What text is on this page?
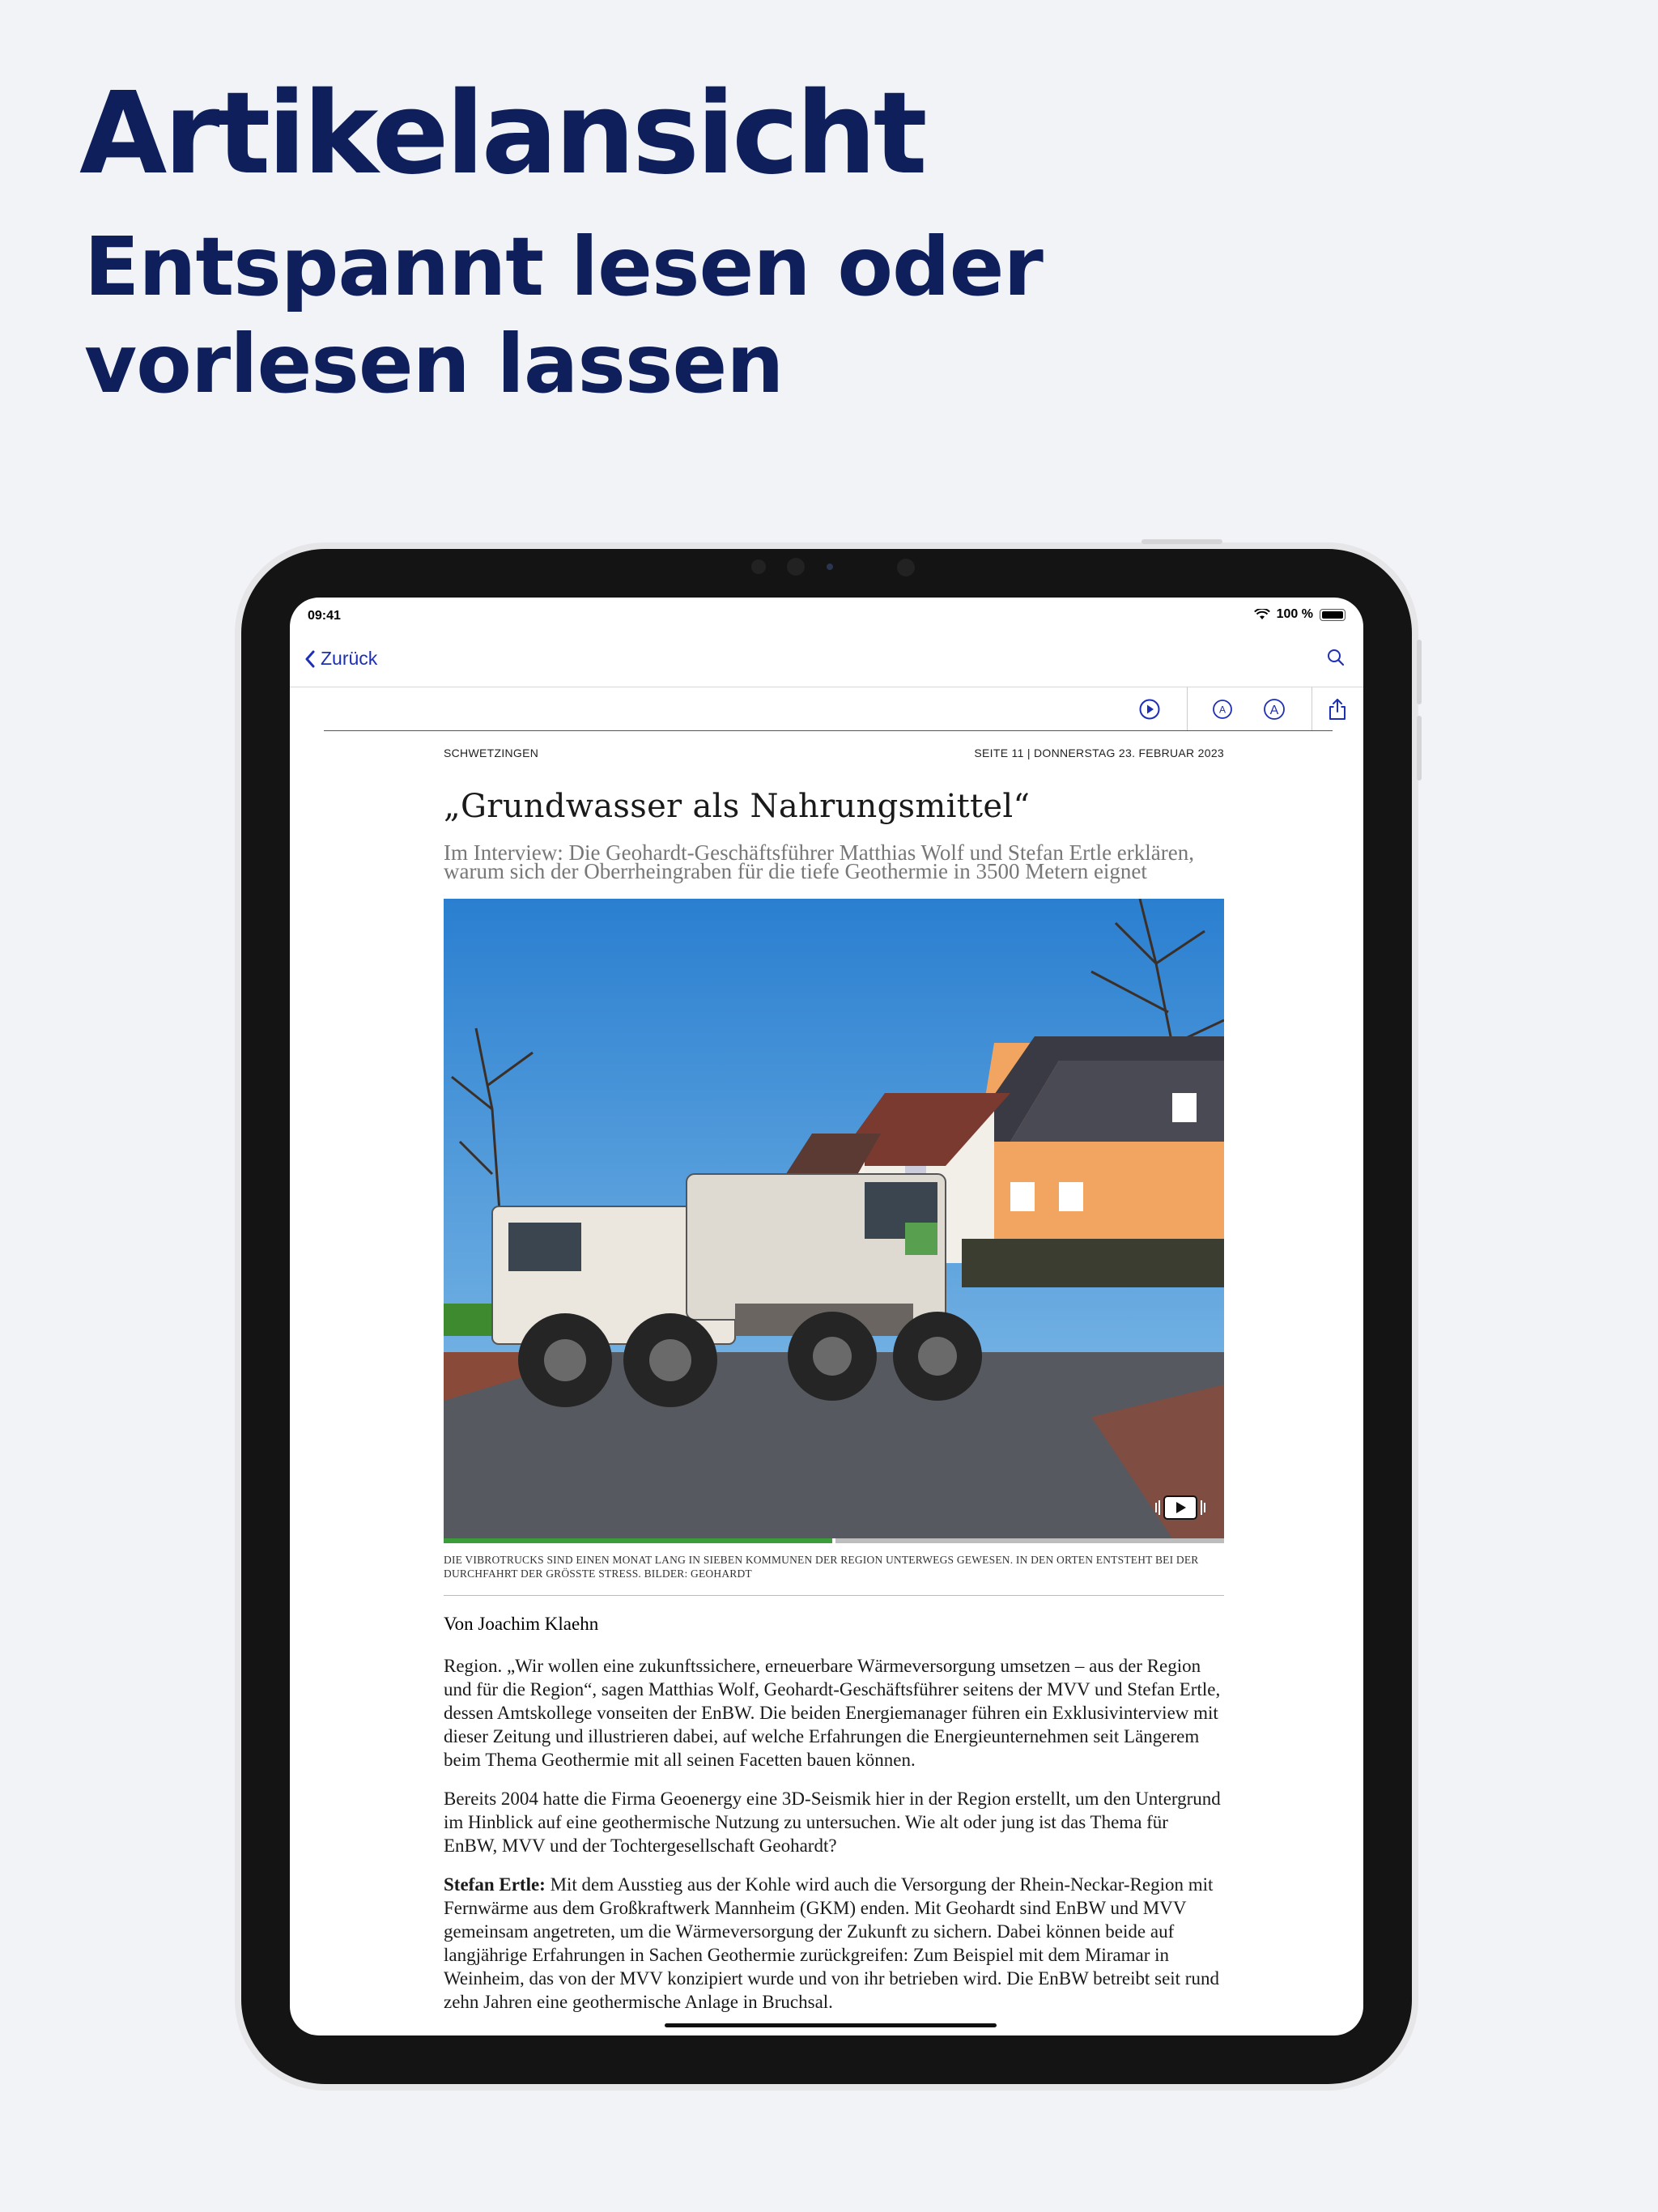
Artikelansicht
Entspannt lesen oder vorlesen lassen
09:41	100 %
Zurück
A	A
SCHWETZINGEN	SEITE 11 | DONNERSTAG 23. FEBRUAR 2023
„Grundwasser als Nahrungsmittel“
Im Interview: Die Geohardt-Geschäftsführer Matthias Wolf und Stefan Ertle erklären, warum sich der Oberrheingraben für die tiefe Geothermie in 3500 Metern eignet
DIE VIBROTRUCKS SIND EINEN MONAT LANG IN SIEBEN KOMMUNEN DER REGION UNTERWEGS GEWESEN. IN DEN ORTEN ENTSTEHT BEI DER DURCHFAHRT DER GRÖSSTE STRESS. BILDER: GEOHARDT
Von Joachim Klaehn

Region. „Wir wollen eine zukunftssichere, erneuerbare Wärmeversorgung umsetzen – aus der Region und für die Region“, sagen Matthias Wolf, Geohardt-Geschäftsführer seitens der MVV und Stefan Ertle, dessen Amtskollege vonseiten der EnBW. Die beiden Energiemanager führen ein Exklusivinterview mit dieser Zeitung und illustrieren dabei, auf welche Erfahrungen die Energieunternehmen seit Längerem beim Thema Geothermie mit all seinen Facetten bauen können.

Bereits 2004 hatte die Firma Geoenergy eine 3D-Seismik hier in der Region erstellt, um den Untergrund im Hinblick auf eine geothermische Nutzung zu untersuchen. Wie alt oder jung ist das Thema für EnBW, MVV und der Tochtergesellschaft Geohardt?

Stefan Ertle: Mit dem Ausstieg aus der Kohle wird auch die Versorgung der Rhein-Neckar-Region mit Fernwärme aus dem Großkraftwerk Mannheim (GKM) enden. Mit Geohardt sind EnBW und MVV gemeinsam angetreten, um die Wärmeversorgung der Zukunft zu sichern. Dabei können beide auf langjährige Erfahrungen in Sachen Geothermie zurückgreifen: Zum Beispiel mit dem Miramar in Weinheim, das von der MVV konzipiert wurde und von ihr betrieben wird. Die EnBW betreibt seit rund zehn Jahren eine geothermische Anlage in Bruchsal.
